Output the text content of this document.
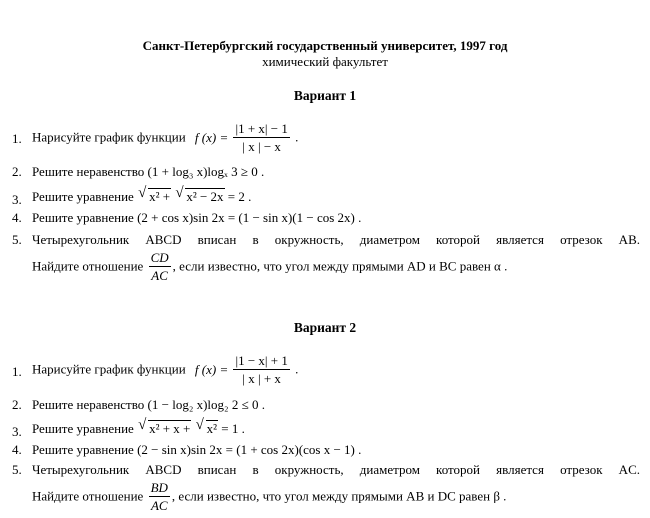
Санкт-Петербургский государственный университет, 1997 год
химический факультет
Вариант 1
1. Нарисуйте график функции f $(x) = \frac{|1 + x| - 1}{| x | - x}$ .
2. Решите неравенство (1 + log₃ x)logₓ 3 ≥ 0 .
3. Решите уравнение √ x² + √ x² − 2x = 2 .
4. Решите уравнение (2 + cos x)sin 2x = (1 − sin x)(1 − cos 2x) .
5. Четырехугольник ABCD вписан в окружность, диаметром которой является отрезок AB.
Найдите отношение $\frac{CD}{AC}$ , если известно, что угол между прямыми AD и BC равен α .
Вариант 2
1. Нарисуйте график функции f $(x) = \frac{|1 - x| + 1}{| x | + x}$ .
2. Решите неравенство (1 − log₂ x)log₂ 2 ≤ 0 .
3. Решите уравнение √ x² + x + √ x² = 1 .
4. Решите уравнение (2 − sin x)sin 2x = (1 + cos 2x)(cos x − 1) .
5. Четырехугольник ABCD вписан в окружность, диаметром которой является отрезок AC.
Найдите отношение $\frac{BD}{AC}$ , если известно, что угол между прямыми AB и DC равен β .
